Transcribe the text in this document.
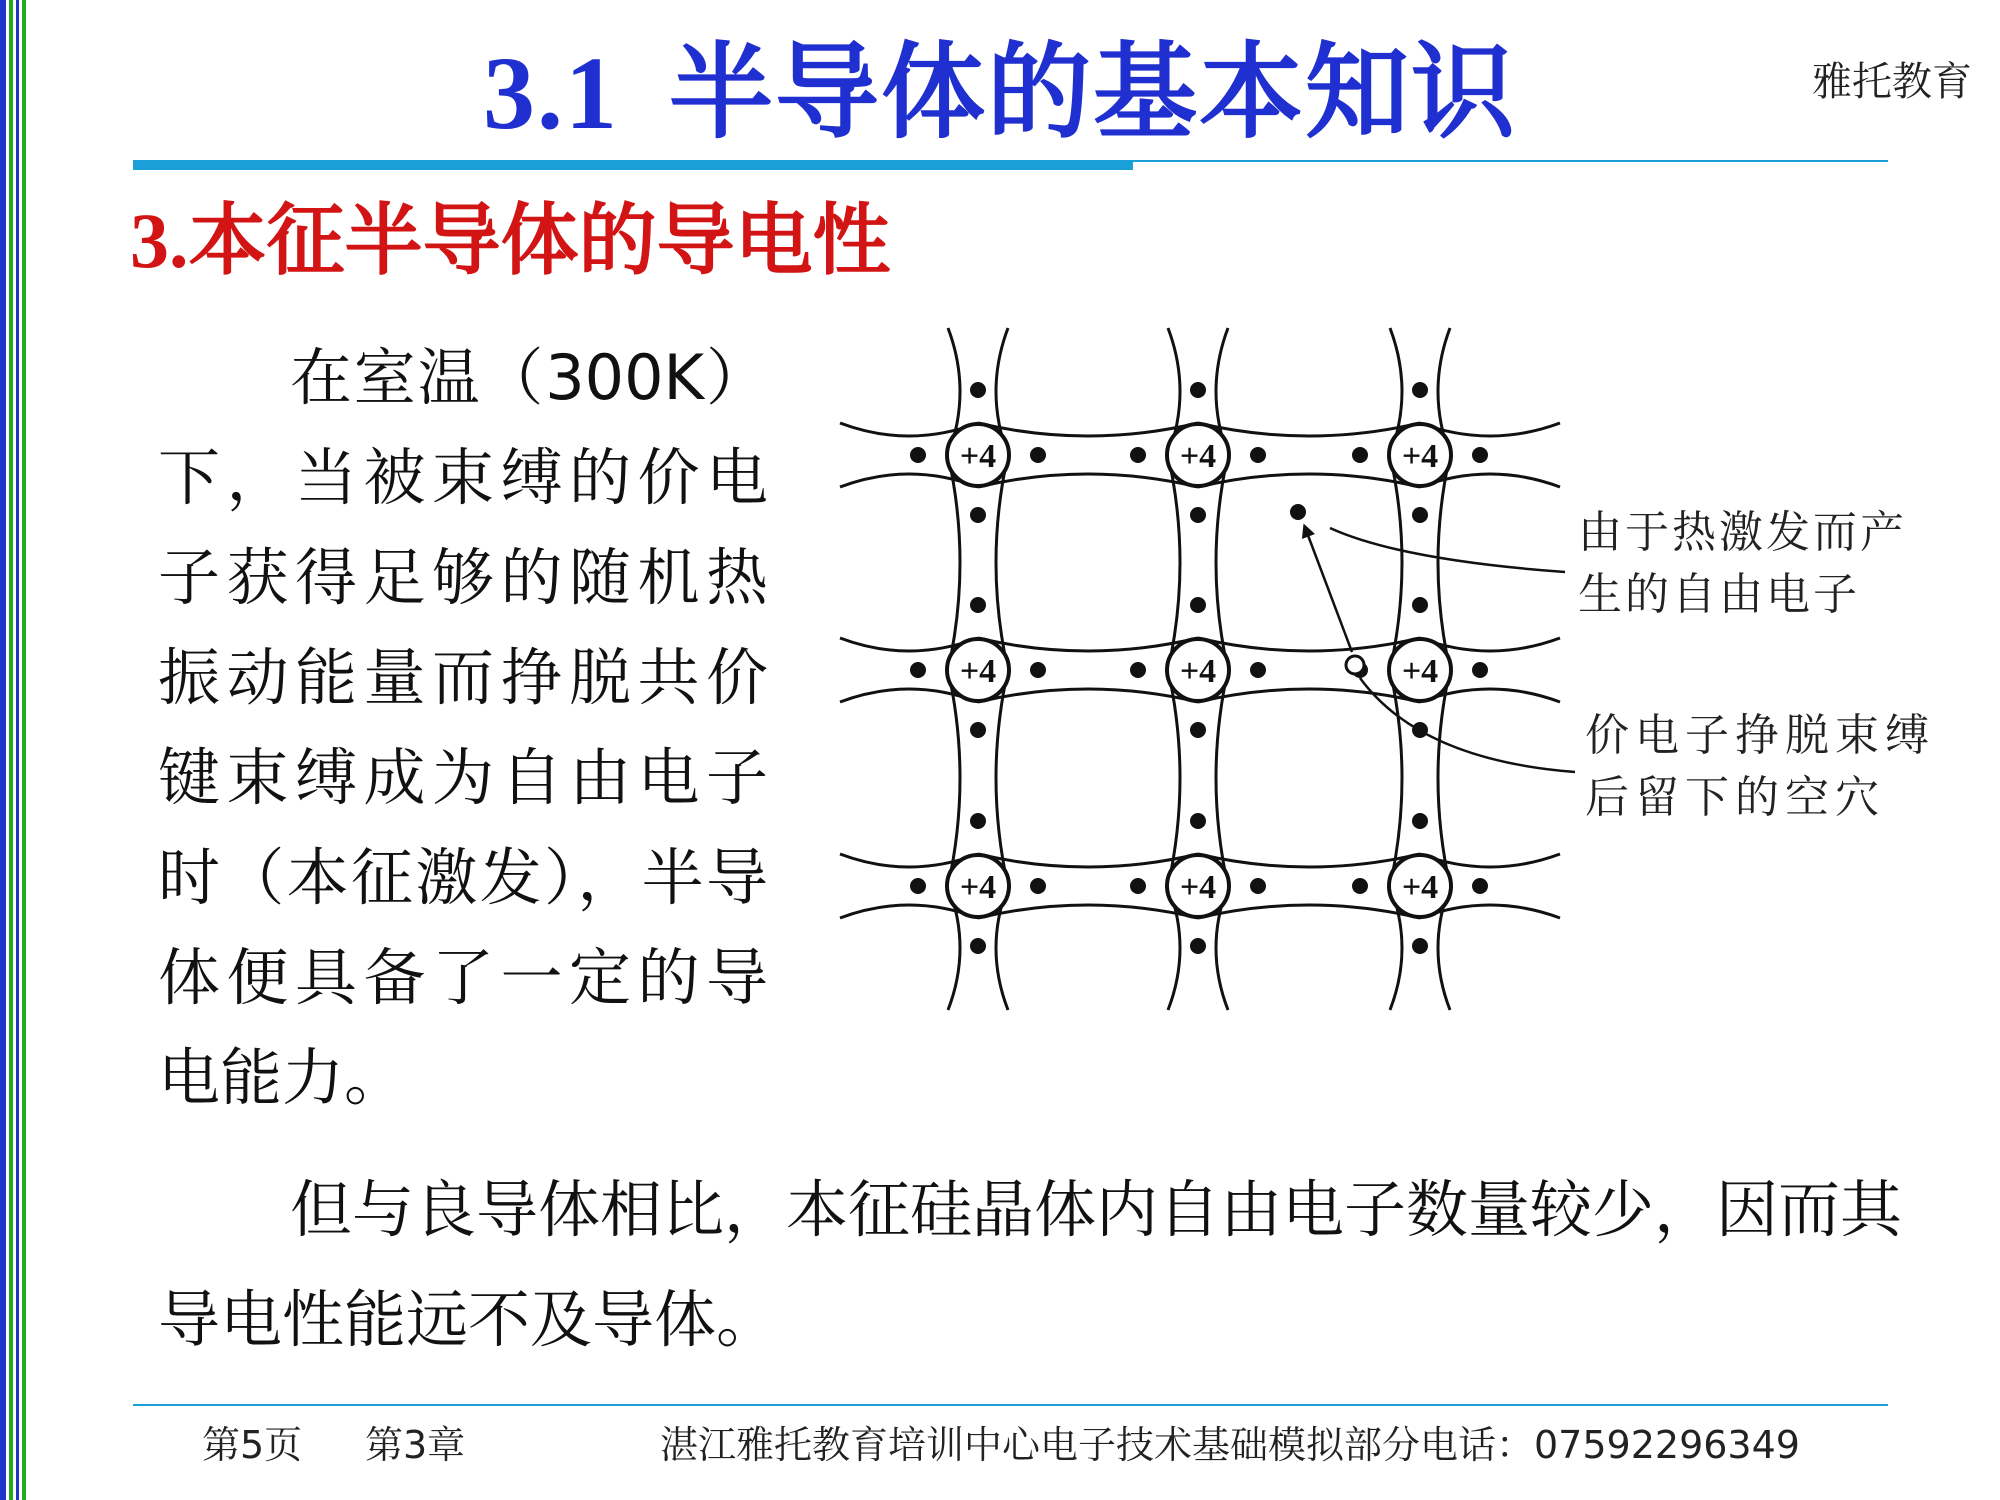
3.1 半导体的基本知识	雅托教育
3.本征半导体的导电性
在室温（300K）下，当被束缚的价电子获得足够的随机热振动能量而挣脱共价键束缚成为自由电子时（本征激发），半导体便具备了一定的导电能力。
+4	+4	+4
+4	+4	+4
+4	+4	+4
由于热激发而产
生的自由电子
价电子挣脱束缚
后留下的空穴
但与良导体相比，本征硅晶体内自由电子数量较少，因而其导电性能远不及导体。
第5页 第3章	湛江雅托教育培训中心电子技术基础模拟部分电话：07592296349
